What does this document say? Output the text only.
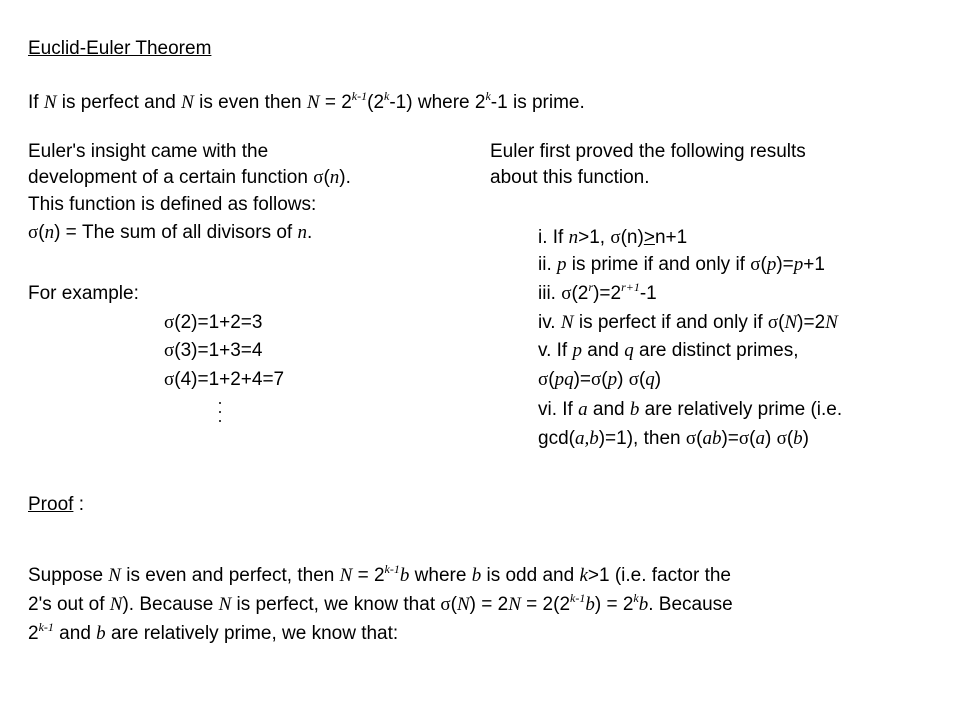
Euclid-Euler Theorem
If N is perfect and N is even then $N = 2^{k-1}(2^k-1)$ where 2$^k$-1 is prime.
Euler's insight came with the
development of a certain function σ(n).
This function is defined as follows:
σ(n) = The sum of all divisors of n.
For example:
σ(2)=1+2=3
σ(3)=1+3=4
σ(4)=1+2+4=7
Euler first proved the following results
about this function.
i. If n>1, σ(n)>n+1
ii. p is prime if and only if σ(p)=p+1
iii. $\sigma(2^r)=2^{r+1}-1$
iv. N is perfect if and only if σ(N)=2N
v. If p and q are distinct primes,
σ(pq)=σ(p) σ(q)
vi. If a and b are relatively prime (i.e.
gcd(a,b)=1), then σ(ab)=σ(a) σ(b)
Proof :
Suppose N is even and perfect, then $N = 2^{k-1}b$ where b is odd and k>1 (i.e. factor the
2's out of N). Because N is perfect, we know that $\sigma(N) = 2N = 2(2^{k-1}b) = 2^kb$. Because
2$^{k-1}$ and b are relatively prime, we know that:
